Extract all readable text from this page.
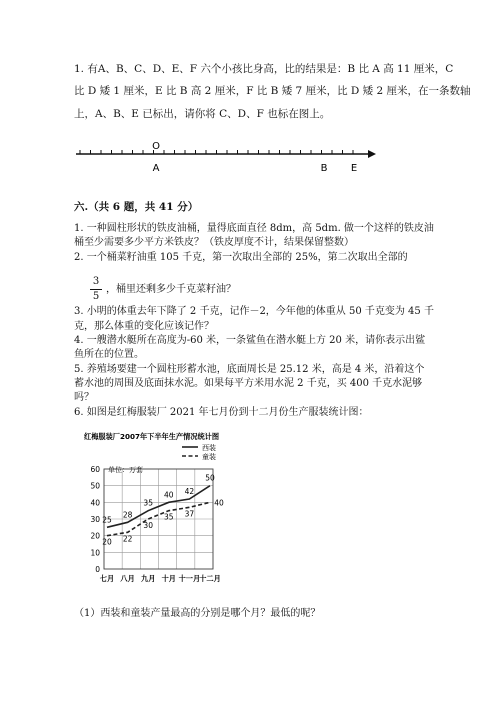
1. 有A、B、C、D、E、F 六个小孩比身高，比的结果是：B 比 A 高 11 厘米，C
比 D 矮 1 厘米，E 比 B 高 2 厘米，F 比 B 矮 7 厘米，比 D 矮 2 厘米，在一条数轴
上，A、B、E 已标出，请你将 C、D、F 也标在图上。
O
A	B E
六.（共 6 题，共 41 分）
1. 一种圆柱形状的铁皮油桶，量得底面直径 8dm，高 5dm. 做一个这样的铁皮油
桶至少需要多少平方米铁皮？（铁皮厚度不计，结果保留整数）
2. 一个桶菜籽油重 105 千克，第一次取出全部的 25%，第二次取出全部的
3
5
，桶里还剩多少千克菜籽油？
3. 小明的体重去年下降了 2 千克，记作－2，今年他的体重从 50 千克变为 45 千
克，那么体重的变化应该记作？
4. 一艘潜水艇所在高度为-60 米，一条鲨鱼在潜水艇上方 20 米，请你表示出鲨
鱼所在的位置。
5. 养殖场要建一个圆柱形蓄水池，底面周长是 25.12 米，高是 4 米，沿着这个
蓄水池的周围及底面抹水泥。如果每平方米用水泥 2 千克，买 400 千克水泥够
吗？
6. 如图是红梅服装厂 2021 年七月份到十二月份生产服装统计图：
红梅服装厂2007年下半年生产情况统计图
单位：万套
0
10
20
30
40
50
60
七月 八月 九月 十月 十一月 十二月
25
28
35
40 42
50
20 22
30
35 37
40
西装
童装
（1）西装和童装产量最高的分别是哪个月？最低的呢？
